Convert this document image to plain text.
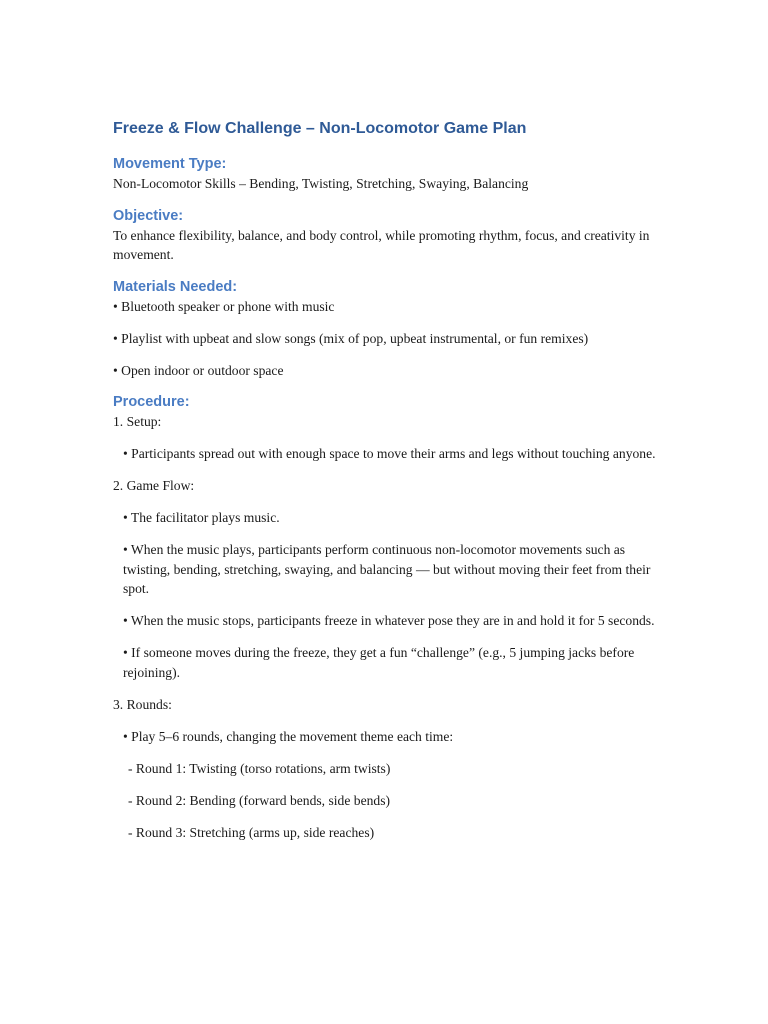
Freeze & Flow Challenge – Non-Locomotor Game Plan
Movement Type:

Non-Locomotor Skills – Bending, Twisting, Stretching, Swaying, Balancing

Objective:

To enhance flexibility, balance, and body control, while promoting rhythm, focus, and creativity in movement.

Materials Needed:

• Bluetooth speaker or phone with music

• Playlist with upbeat and slow songs (mix of pop, upbeat instrumental, or fun remixes)

• Open indoor or outdoor space

Procedure:

1. Setup:

• Participants spread out with enough space to move their arms and legs without touching anyone.

2. Game Flow:

• The facilitator plays music.

• When the music plays, participants perform continuous non-locomotor movements such as twisting, bending, stretching, swaying, and balancing — but without moving their feet from their spot.

• When the music stops, participants freeze in whatever pose they are in and hold it for 5 seconds.

• If someone moves during the freeze, they get a fun “challenge” (e.g., 5 jumping jacks before rejoining).

3. Rounds:

• Play 5–6 rounds, changing the movement theme each time:

- Round 1: Twisting (torso rotations, arm twists)

- Round 2: Bending (forward bends, side bends)

- Round 3: Stretching (arms up, side reaches)
